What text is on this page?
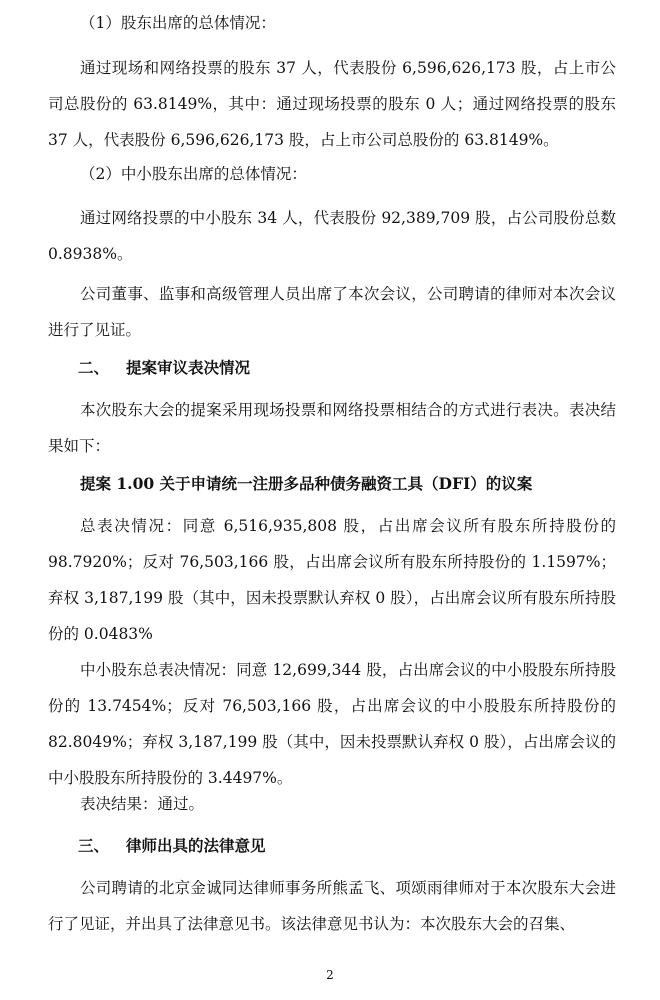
（1）股东出席的总体情况：
通过现场和网络投票的股东 37 人，代表股份 6,596,626,173 股，占上市公司总股份的 63.8149%，其中：通过现场投票的股东 0 人；通过网络投票的股东 37 人，代表股份 6,596,626,173 股，占上市公司总股份的 63.8149%。
（2）中小股东出席的总体情况：
通过网络投票的中小股东 34 人，代表股份 92,389,709 股，占公司股份总数 0.8938%。
公司董事、监事和高级管理人员出席了本次会议，公司聘请的律师对本次会议进行了见证。
二、 提案审议表决情况
本次股东大会的提案采用现场投票和网络投票相结合的方式进行表决。表决结果如下：
提案 1.00 关于申请统一注册多品种债务融资工具（DFI）的议案
总表决情况：同意 6,516,935,808 股，占出席会议所有股东所持股份的 98.7920%；反对 76,503,166 股，占出席会议所有股东所持股份的 1.1597%；弃权 3,187,199 股（其中，因未投票默认弃权 0 股），占出席会议所有股东所持股份的 0.0483%
中小股东总表决情况：同意 12,699,344 股，占出席会议的中小股股东所持股份的 13.7454%；反对 76,503,166 股，占出席会议的中小股股东所持股份的 82.8049%；弃权 3,187,199 股（其中，因未投票默认弃权 0 股），占出席会议的中小股股东所持股份的 3.4497%。
表决结果：通过。
三、 律师出具的法律意见
公司聘请的北京金诚同达律师事务所熊孟飞、项颂雨律师对于本次股东大会进行了见证，并出具了法律意见书。该法律意见书认为：本次股东大会的召集、
2
